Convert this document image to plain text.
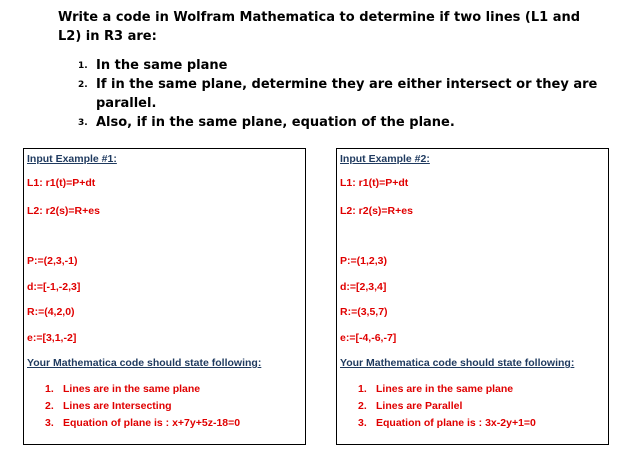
Write a code in Wolfram Mathematica to determine if two lines (L1 and L2) in R3 are:

1. In the same plane
2. If in the same plane, determine they are either intersect or they are parallel.
3. Also, if in the same plane, equation of the plane.
Input Example #1:
L1: r1(t)=P+dt
L2: r2(s)=R+es
P:=(2,3,-1)
d:=[-1,-2,3]
R:=(4,2,0)
e:=[3,1,-2]
Your Mathematica code should state following:
1. Lines are in the same plane
2. Lines are Intersecting
3. Equation of plane is : x+7y+5z-18=0
Input Example #2:
L1: r1(t)=P+dt
L2: r2(s)=R+es
P:=(1,2,3)
d:=[2,3,4]
R:=(3,5,7)
e:=[-4,-6,-7]
Your Mathematica code should state following:
1. Lines are in the same plane
2. Lines are Parallel
3. Equation of plane is : 3x-2y+1=0
